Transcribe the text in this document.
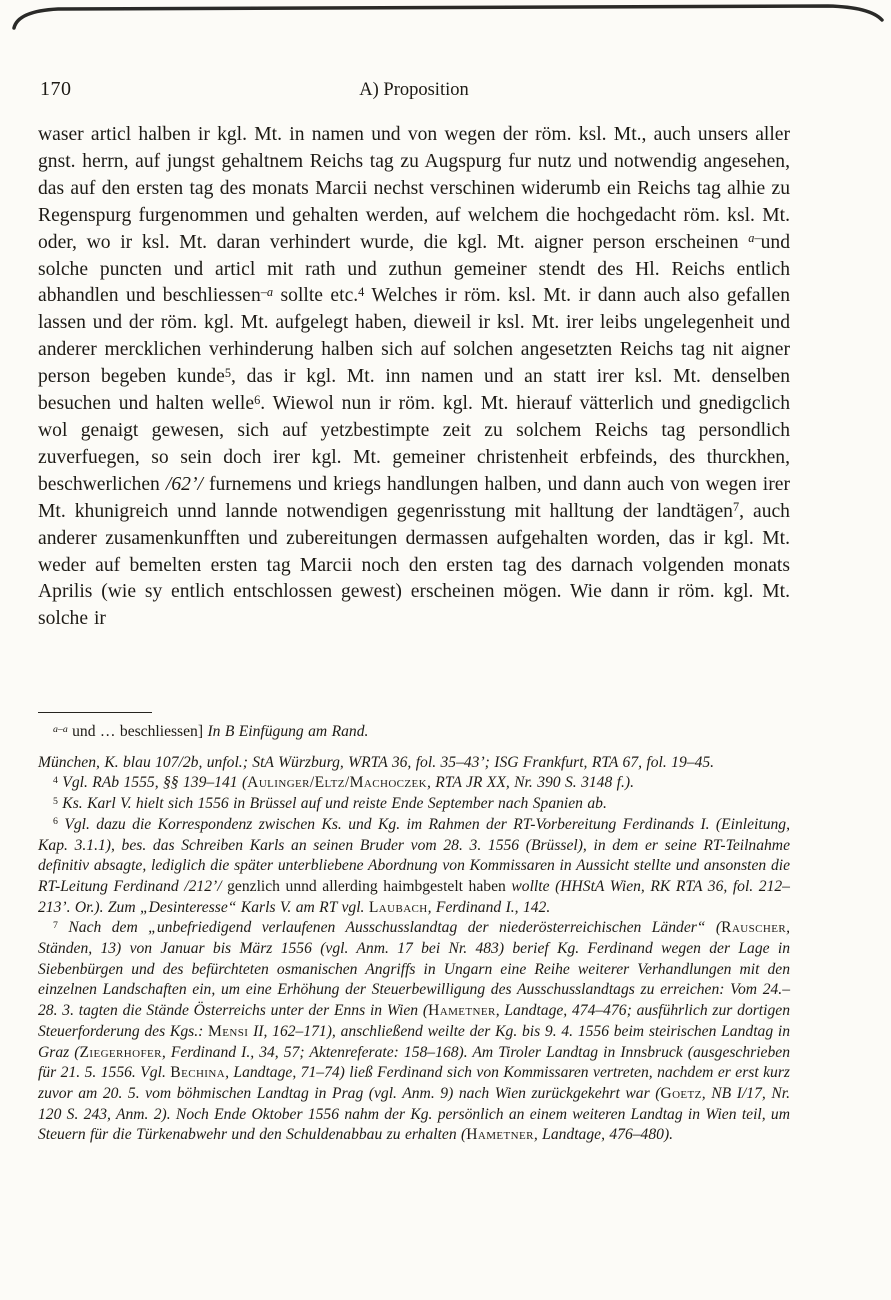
170	A) Proposition

waser articl halben ir kgl. Mt. in namen und von wegen der röm. ksl. Mt., auch unsers aller gnst. herrn, auf jungst gehaltnem Reichs tag zu Augspurg fur nutz und notwendig angesehen, das auf den ersten tag des monats Marcii nechst verschinen widerumb ein Reichs tag alhie zu Regenspurg furgenommen und gehalten werden, auf welchem die hochgedacht röm. ksl. Mt. oder, wo ir ksl. Mt. daran verhindert wurde, die kgl. Mt. aigner person erscheinen $^{a-}$und solche puncten und articl mit rath und zuthun gemeiner stendt des Hl. Reichs entlich abhandlen und beschliessen$^{-a}$ sollte etc.$^4$ Welches ir röm. ksl. Mt. ir dann auch also gefallen lassen und der röm. kgl. Mt. aufgelegt haben, dieweil ir ksl. Mt. irer leibs ungelegenheit und anderer mercklichen verhinderung halben sich auf solchen angesetzten Reichs tag nit aigner person begeben kunde$^5$, das ir kgl. Mt. inn namen und an statt irer ksl. Mt. denselben besuchen und halten welle$^6$. Wiewol nun ir röm. kgl. Mt. hierauf vätterlich und gnedigclich wol genaigt gewesen, sich auf yetzbestimpte zeit zu solchem Reichs tag persondlich zuverfuegen, so sein doch irer kgl. Mt. gemeiner christenheit erbfeinds, des thurckhen, beschwerlichen /62’/ furnemens und kriegs handlungen halben, und dann auch von wegen irer Mt. khunigreich unnd lannde notwendigen gegenrisstung mit halltung der landtägen$^7$, auch anderer zusamenkunfften und zubereitungen dermassen aufgehalten worden, das ir kgl. Mt. weder auf bemelten ersten tag Marcii noch den ersten tag des darnach volgenden monats Aprilis (wie sy entlich entschlossen gewest) erscheinen mögen. Wie dann ir röm. kgl. Mt. solche ir

$^{a-a}$ und … beschliessen] In B Einfügung am Rand.

München, K. blau 107/2b, unfol.; StA Würzburg, WRTA 36, fol. 35–43’; ISG Frankfurt, RTA 67, fol. 19–45.

$^4$ Vgl. RAb 1555, §§ 139–141 (Aulinger/Eltz/Machoczek, RTA JR XX, Nr. 390 S. 3148 f.).

$^5$ Ks. Karl V. hielt sich 1556 in Brüssel auf und reiste Ende September nach Spanien ab.

$^6$ Vgl. dazu die Korrespondenz zwischen Ks. und Kg. im Rahmen der RT-Vorbereitung Ferdinands I. (Einleitung, Kap. 3.1.1), bes. das Schreiben Karls an seinen Bruder vom 28. 3. 1556 (Brüssel), in dem er seine RT-Teilnahme definitiv absagte, lediglich die später unterbliebene Abordnung von Kommissaren in Aussicht stellte und ansonsten die RT-Leitung Ferdinand /212’/ genzlich unnd allerding haimbgestelt haben wollte (HHStA Wien, RK RTA 36, fol. 212–213’. Or.). Zum „Desinteresse“ Karls V. am RT vgl. Laubach, Ferdinand I., 142.

$^7$ Nach dem „unbefriedigend verlaufenen Ausschusslandtag der niederösterreichischen Länder“ (Rauscher, Ständen, 13) von Januar bis März 1556 (vgl. Anm. 17 bei Nr. 483) berief Kg. Ferdinand wegen der Lage in Siebenbürgen und des befürchteten osmanischen Angriffs in Ungarn eine Reihe weiterer Verhandlungen mit den einzelnen Landschaften ein, um eine Erhöhung der Steuerbewilligung des Ausschusslandtags zu erreichen: Vom 24.–28. 3. tagten die Stände Österreichs unter der Enns in Wien (Hametner, Landtage, 474–476; ausführlich zur dortigen Steuerforderung des Kgs.: Mensi II, 162–171), anschließend weilte der Kg. bis 9. 4. 1556 beim steirischen Landtag in Graz (Ziegerhofer, Ferdinand I., 34, 57; Aktenreferate: 158–168). Am Tiroler Landtag in Innsbruck (ausgeschrieben für 21. 5. 1556. Vgl. Bechina, Landtage, 71–74) ließ Ferdinand sich von Kommissaren vertreten, nachdem er erst kurz zuvor am 20. 5. vom böhmischen Landtag in Prag (vgl. Anm. 9) nach Wien zurückgekehrt war (Goetz, NB I/17, Nr. 120 S. 243, Anm. 2). Noch Ende Oktober 1556 nahm der Kg. persönlich an einem weiteren Landtag in Wien teil, um Steuern für die Türkenabwehr und den Schuldenabbau zu erhalten (Hametner, Landtage, 476–480).
